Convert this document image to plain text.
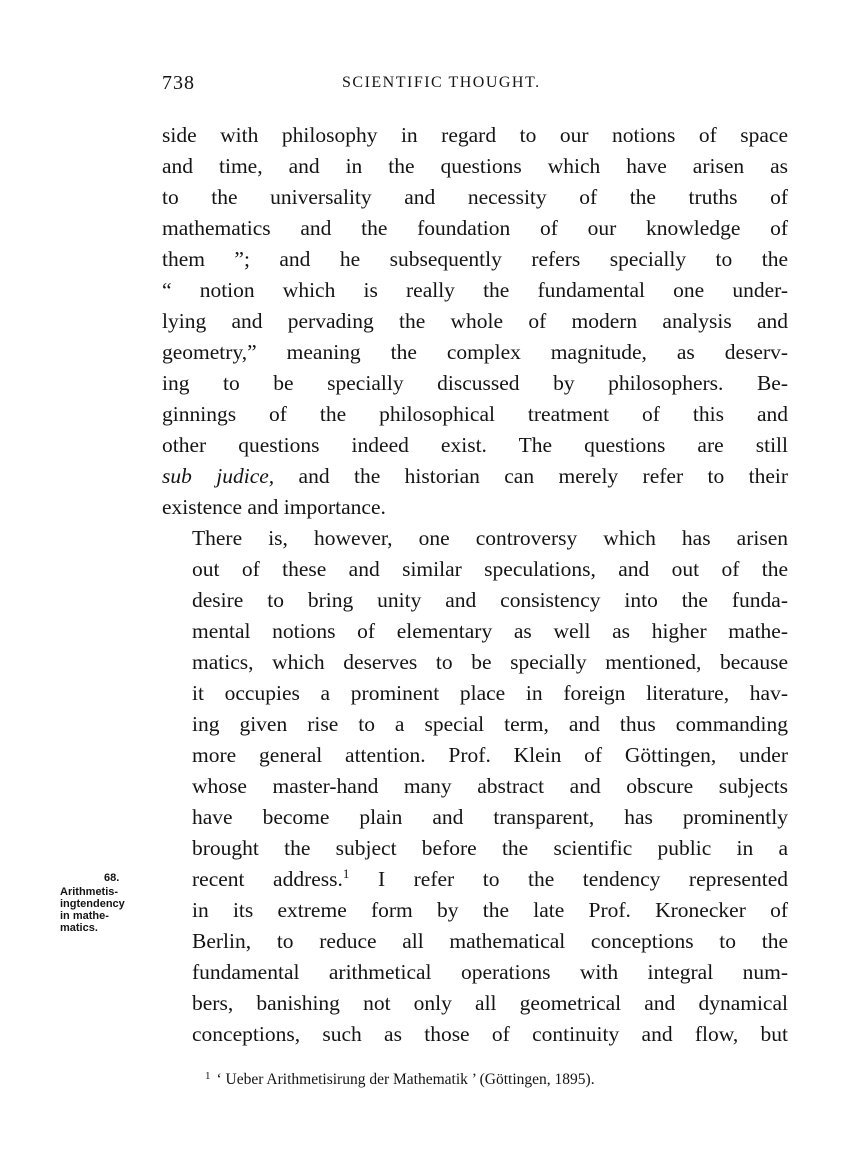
738	SCIENTIFIC THOUGHT.

side with philosophy in regard to our notions of space
and time, and in the questions which have arisen as
to the universality and necessity of the truths of
mathematics and the foundation of our knowledge of
them ”; and he subsequently refers specially to the
“ notion which is really the fundamental one under-
lying and pervading the whole of modern analysis and
geometry,” meaning the complex magnitude, as deserv-
ing to be specially discussed by philosophers. Be-
ginnings of the philosophical treatment of this and
other questions indeed exist. The questions are still
sub judice, and the historian can merely refer to their
existence and importance.

There is, however, one controversy which has arisen
out of these and similar speculations, and out of the
desire to bring unity and consistency into the funda-
mental notions of elementary as well as higher mathe-
matics, which deserves to be specially mentioned, because
it occupies a prominent place in foreign literature, hav-
ing given rise to a special term, and thus commanding
more general attention. Prof. Klein of Göttingen, under
whose master-hand many abstract and obscure subjects
have become plain and transparent, has prominently
brought the subject before the scientific public in a
recent address.$^1$ I refer to the tendency represented
in its extreme form by the late Prof. Kronecker of
Berlin, to reduce all mathematical conceptions to the
fundamental arithmetical operations with integral num-
bers, banishing not only all geometrical and dynamical
conceptions, such as those of continuity and flow, but

68.
Arithmetis-
ingtendency
in mathe-
matics.
$^1$ ‘ Ueber Arithmetisirung der Mathematik ’ (Göttingen, 1895).
